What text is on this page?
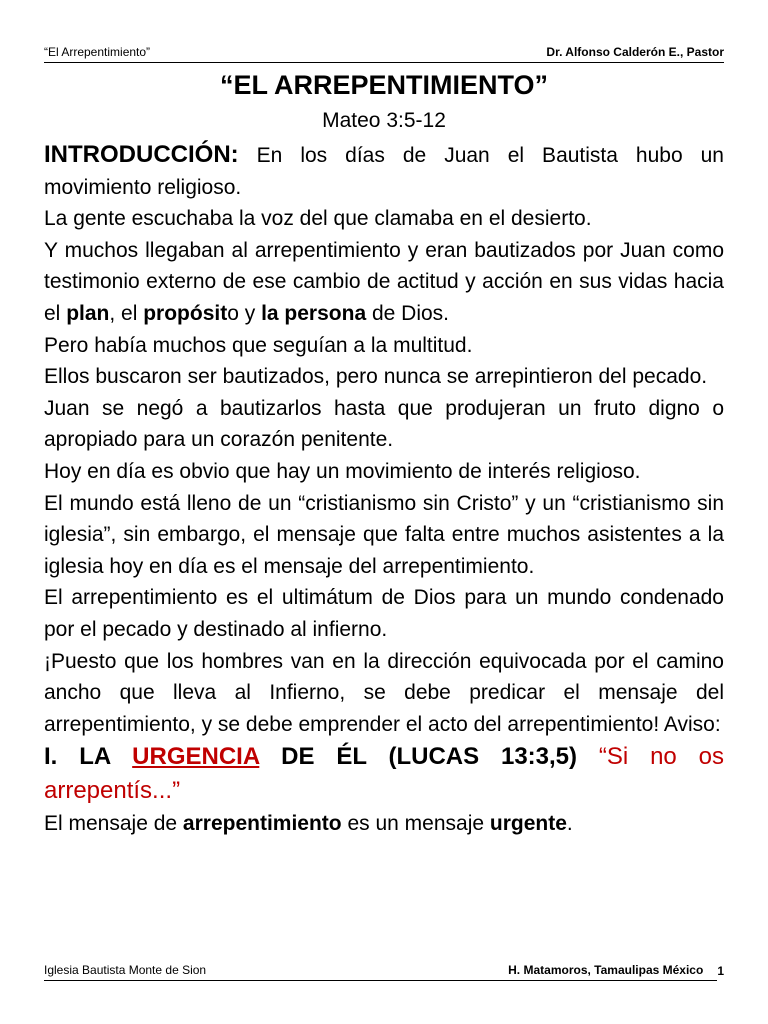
“El Arrepentimiento”	Dr. Alfonso Calderón E., Pastor
“EL ARREPENTIMIENTO”
Mateo 3:5-12

INTRODUCCIÓN: En los días de Juan el Bautista hubo un movimiento religioso.

La gente escuchaba la voz del que clamaba en el desierto.

Y muchos llegaban al arrepentimiento y eran bautizados por Juan como testimonio externo de ese cambio de actitud y acción en sus vidas hacia el plan, el propósito y la persona de Dios.

Pero había muchos que seguían a la multitud.

Ellos buscaron ser bautizados, pero nunca se arrepintieron del pecado.

Juan se negó a bautizarlos hasta que produjeran un fruto digno o apropiado para un corazón penitente.

Hoy en día es obvio que hay un movimiento de interés religioso.

El mundo está lleno de un “cristianismo sin Cristo” y un “cristianismo sin iglesia”, sin embargo, el mensaje que falta entre muchos asistentes a la iglesia hoy en día es el mensaje del arrepentimiento.

El arrepentimiento es el ultimátum de Dios para un mundo condenado por el pecado y destinado al infierno.

¡Puesto que los hombres van en la dirección equivocada por el camino ancho que lleva al Infierno, se debe predicar el mensaje del arrepentimiento, y se debe emprender el acto del arrepentimiento! Aviso:

I. LA URGENCIA DE ÉL (LUCAS 13:3,5) “Si no os arrepentís...”

El mensaje de arrepentimiento es un mensaje urgente.

Iglesia Bautista Monte de Sion	H. Matamoros, Tamaulipas México	1
